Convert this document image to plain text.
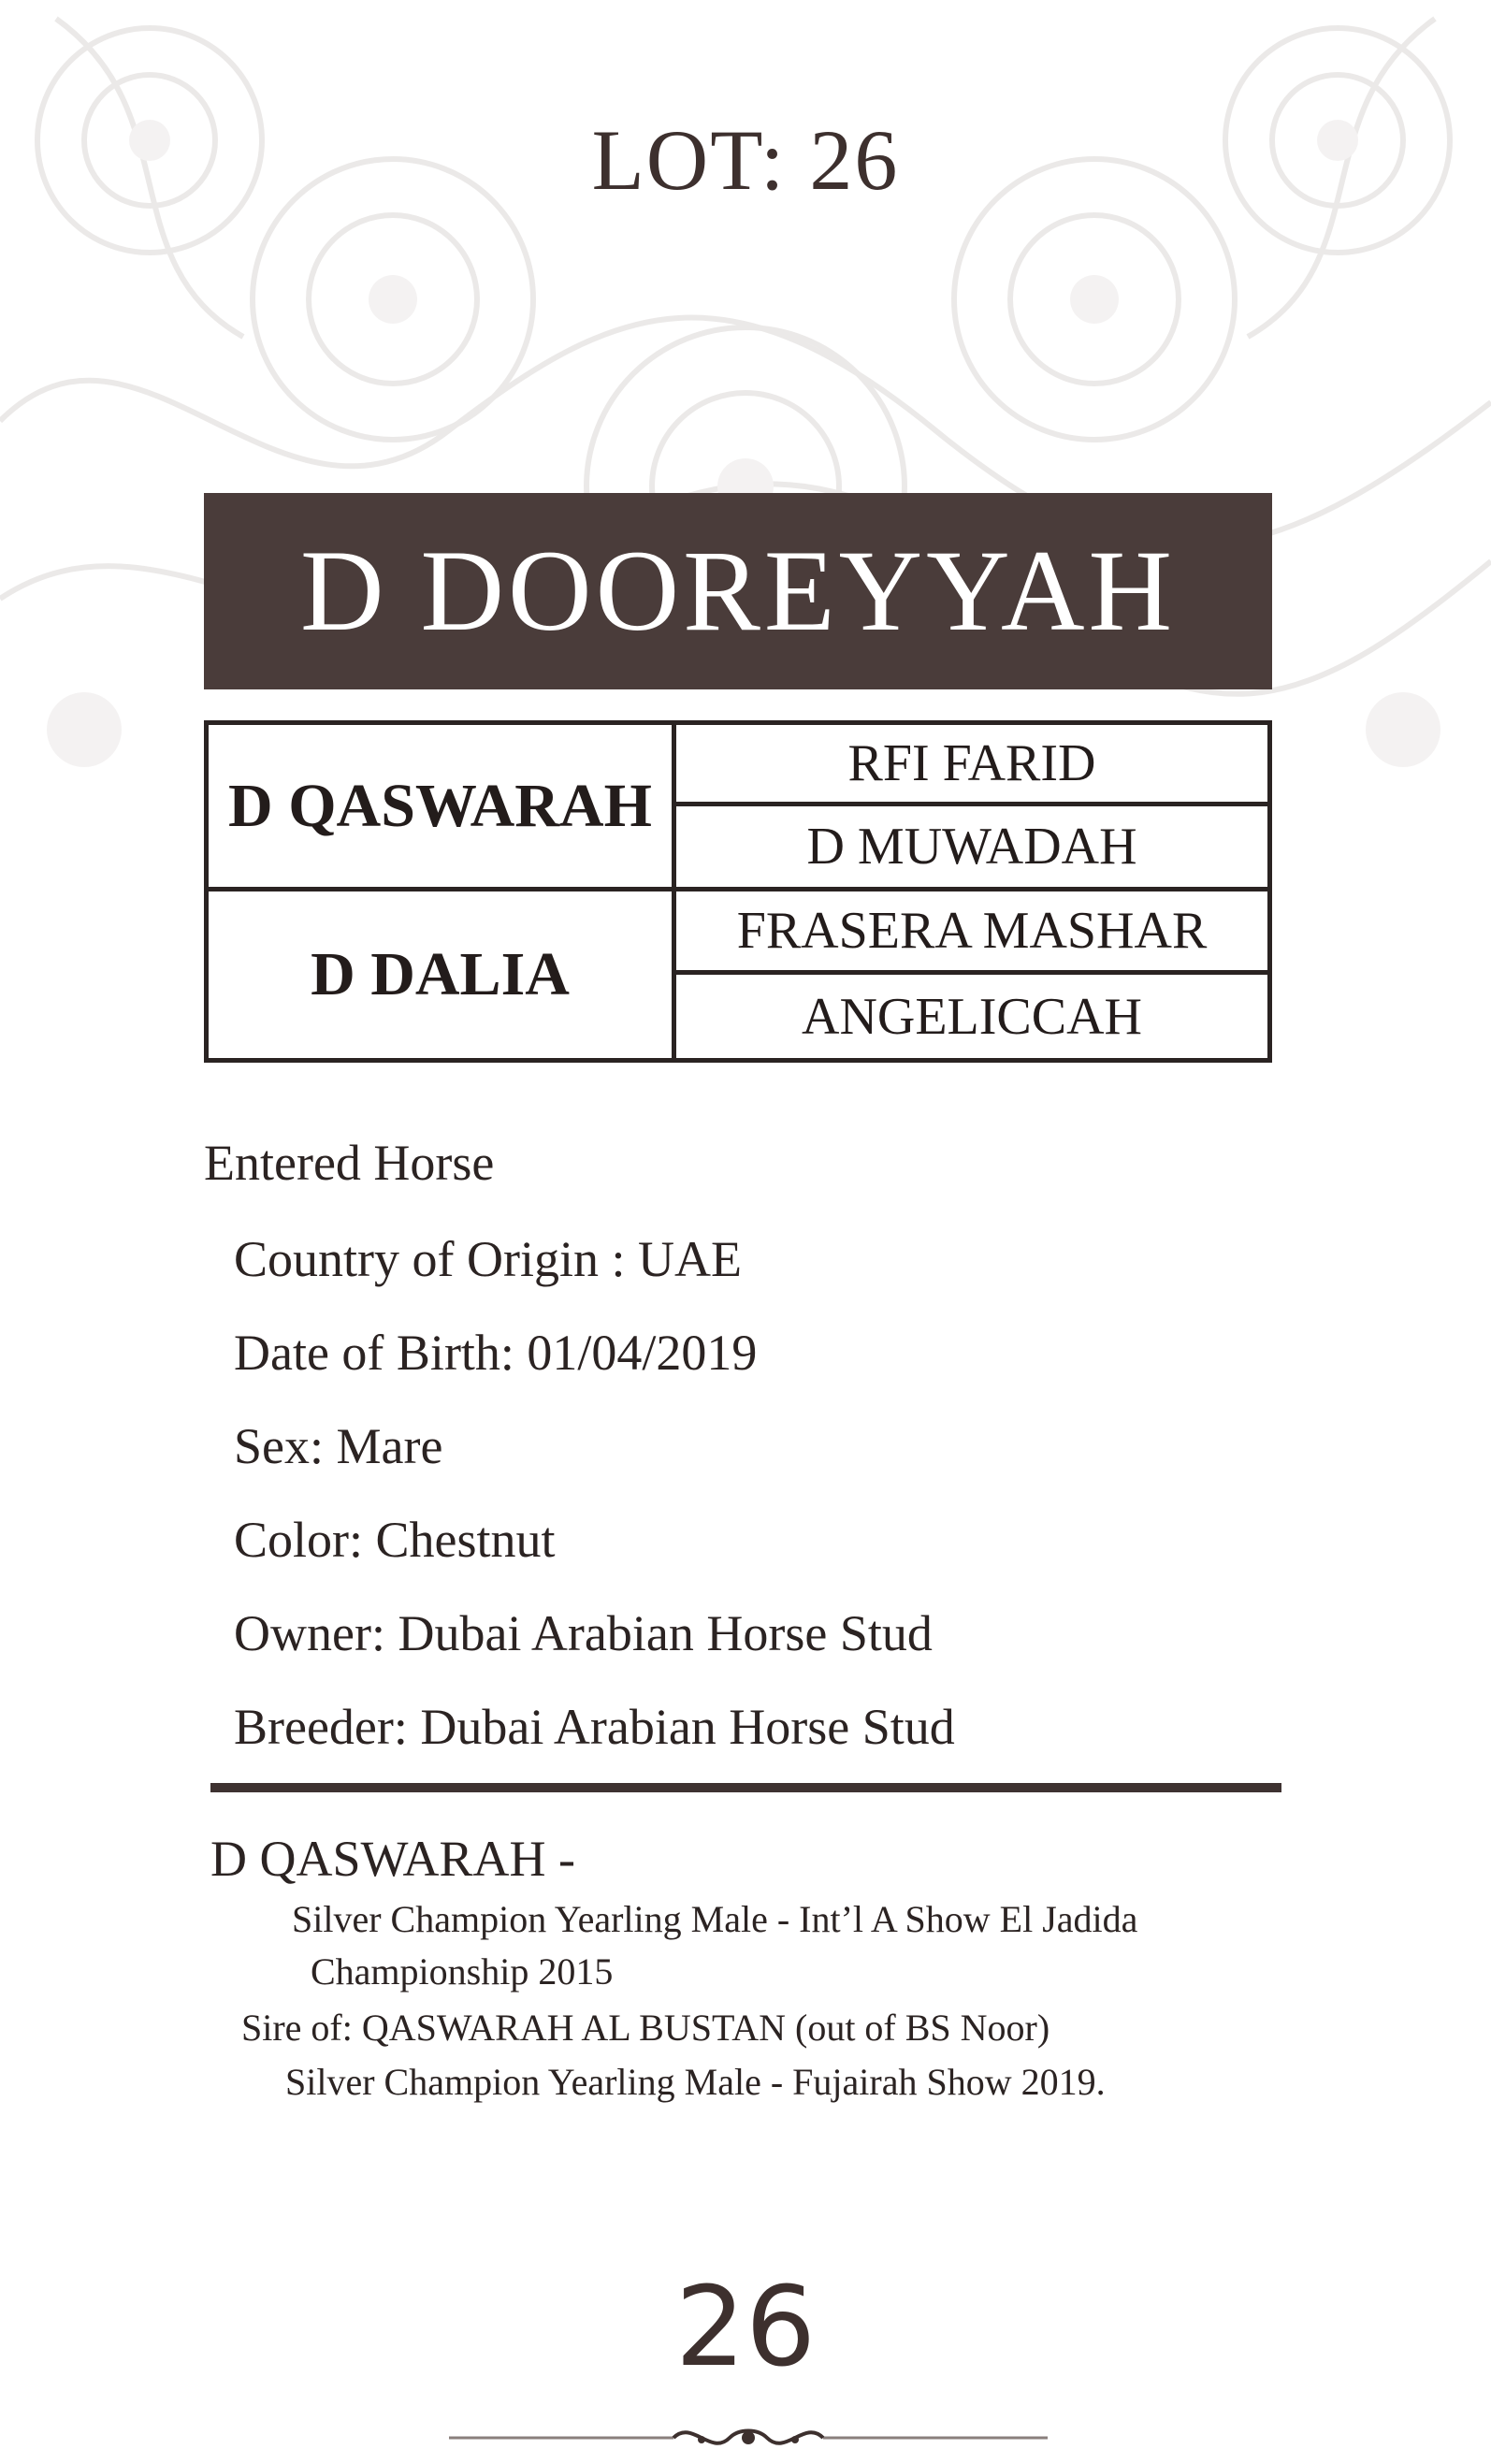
LOT: 26
D DOOREYYAH
D QASWARAH
RFI FARID
D MUWADAH
D DALIA
FRASERA MASHAR
ANGELICCAH
Entered Horse
Country of Origin : UAE
Date of Birth: 01/04/2019
Sex: Mare
Color: Chestnut
Owner: Dubai Arabian Horse Stud
Breeder: Dubai Arabian Horse Stud
D QASWARAH -
Silver Champion Yearling Male - Int’l A Show El Jadida
Championship 2015
Sire of: QASWARAH AL BUSTAN (out of BS Noor)
Silver Champion Yearling Male - Fujairah Show 2019.
26
